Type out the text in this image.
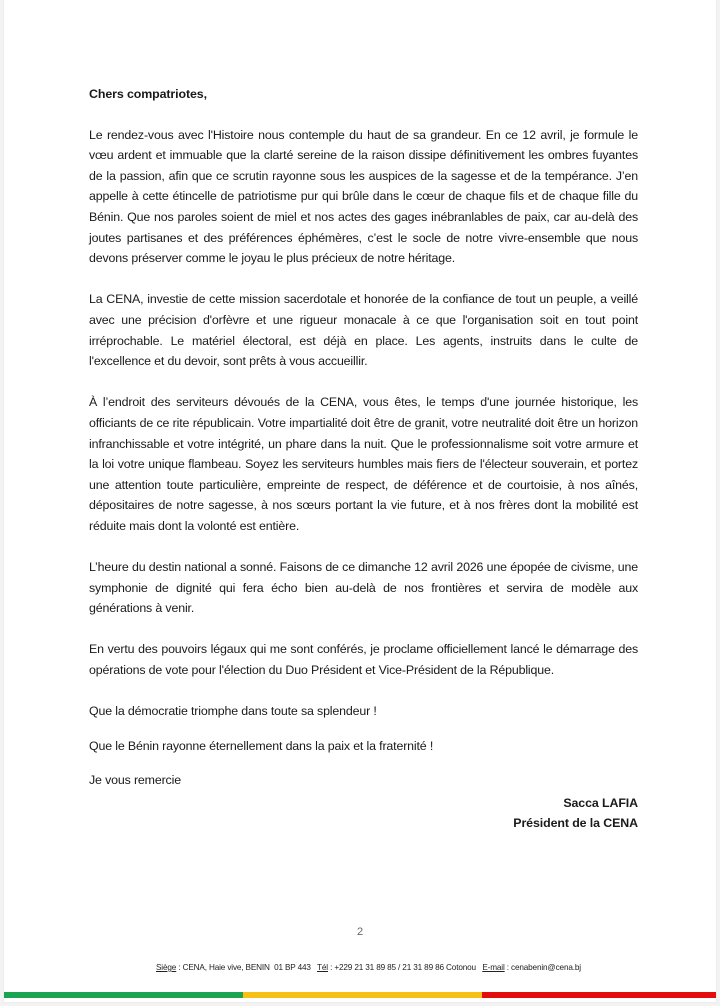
Chers compatriotes,

Le rendez-vous avec l'Histoire nous contemple du haut de sa grandeur. En ce 12 avril, je formule le vœu ardent et immuable que la clarté sereine de la raison dissipe définitivement les ombres fuyantes de la passion, afin que ce scrutin rayonne sous les auspices de la sagesse et de la tempérance. J’en appelle à cette étincelle de patriotisme pur qui brûle dans le cœur de chaque fils et de chaque fille du Bénin. Que nos paroles soient de miel et nos actes des gages inébranlables de paix, car au-delà des joutes partisanes et des préférences éphémères, c’est le socle de notre vivre-ensemble que nous devons préserver comme le joyau le plus précieux de notre héritage.

La CENA, investie de cette mission sacerdotale et honorée de la confiance de tout un peuple, a veillé avec une précision d'orfèvre et une rigueur monacale à ce que l'organisation soit en tout point irréprochable. Le matériel électoral, est déjà en place. Les agents, instruits dans le culte de l'excellence et du devoir, sont prêts à vous accueillir.

À l’endroit des serviteurs dévoués de la CENA, vous êtes, le temps d'une journée historique, les officiants de ce rite républicain. Votre impartialité doit être de granit, votre neutralité doit être un horizon infranchissable et votre intégrité, un phare dans la nuit. Que le professionnalisme soit votre armure et la loi votre unique flambeau. Soyez les serviteurs humbles mais fiers de l'électeur souverain, et portez une attention toute particulière, empreinte de respect, de déférence et de courtoisie, à nos aînés, dépositaires de notre sagesse, à nos sœurs portant la vie future, et à nos frères dont la mobilité est réduite mais dont la volonté est entière.

L’heure du destin national a sonné. Faisons de ce dimanche 12 avril 2026 une épopée de civisme, une symphonie de dignité qui fera écho bien au-delà de nos frontières et servira de modèle aux générations à venir.

En vertu des pouvoirs légaux qui me sont conférés, je proclame officiellement lancé le démarrage des opérations de vote pour l'élection du Duo Président et Vice-Président de la République.

Que la démocratie triomphe dans toute sa splendeur !

Que le Bénin rayonne éternellement dans la paix et la fraternité !

Je vous remercie

Sacca LAFIA
Président de la CENA
2
Siège : CENA, Haie vive, BENIN  01 BP 443   Tél : +229 21 31 89 85 / 21 31 89 86 Cotonou   E-mail : cenabenin@cena.bj
